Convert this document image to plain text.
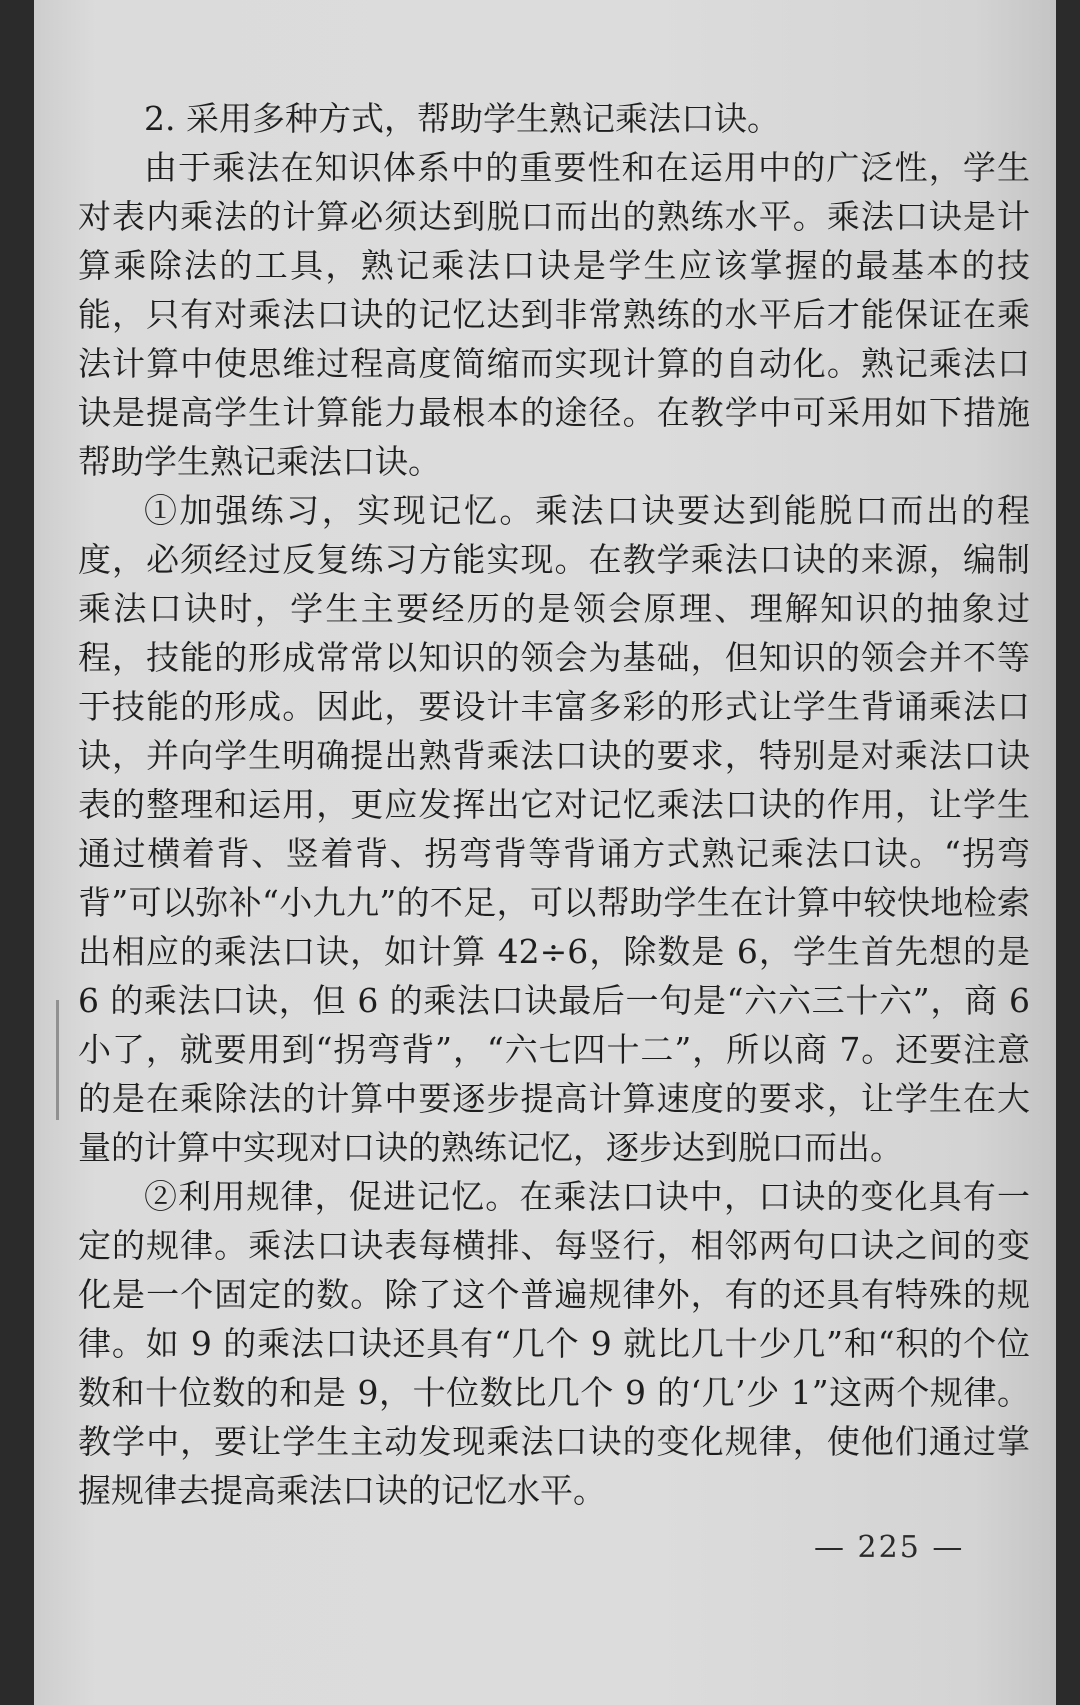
2. 采用多种方式，帮助学生熟记乘法口诀。

由于乘法在知识体系中的重要性和在运用中的广泛性，学生对表内乘法的计算必须达到脱口而出的熟练水平。乘法口诀是计算乘除法的工具，熟记乘法口诀是学生应该掌握的最基本的技能，只有对乘法口诀的记忆达到非常熟练的水平后才能保证在乘法计算中使思维过程高度简缩而实现计算的自动化。熟记乘法口诀是提高学生计算能力最根本的途径。在教学中可采用如下措施帮助学生熟记乘法口诀。

①加强练习，实现记忆。乘法口诀要达到能脱口而出的程度，必须经过反复练习方能实现。在教学乘法口诀的来源，编制乘法口诀时，学生主要经历的是领会原理、理解知识的抽象过程，技能的形成常常以知识的领会为基础，但知识的领会并不等于技能的形成。因此，要设计丰富多彩的形式让学生背诵乘法口诀，并向学生明确提出熟背乘法口诀的要求，特别是对乘法口诀表的整理和运用，更应发挥出它对记忆乘法口诀的作用，让学生通过横着背、竖着背、拐弯背等背诵方式熟记乘法口诀。“拐弯背”可以弥补“小九九”的不足，可以帮助学生在计算中较快地检索出相应的乘法口诀，如计算 42÷6，除数是 6，学生首先想的是 6 的乘法口诀，但 6 的乘法口诀最后一句是“六六三十六”，商 6 小了，就要用到“拐弯背”，“六七四十二”，所以商 7。还要注意的是在乘除法的计算中要逐步提高计算速度的要求，让学生在大量的计算中实现对口诀的熟练记忆，逐步达到脱口而出。

②利用规律，促进记忆。在乘法口诀中，口诀的变化具有一定的规律。乘法口诀表每横排、每竖行，相邻两句口诀之间的变化是一个固定的数。除了这个普遍规律外，有的还具有特殊的规律。如 9 的乘法口诀还具有“几个 9 就比几十少几”和“积的个位数和十位数的和是 9，十位数比几个 9 的‘几’少 1”这两个规律。教学中，要让学生主动发现乘法口诀的变化规律，使他们通过掌握规律去提高乘法口诀的记忆水平。

— 225 —
